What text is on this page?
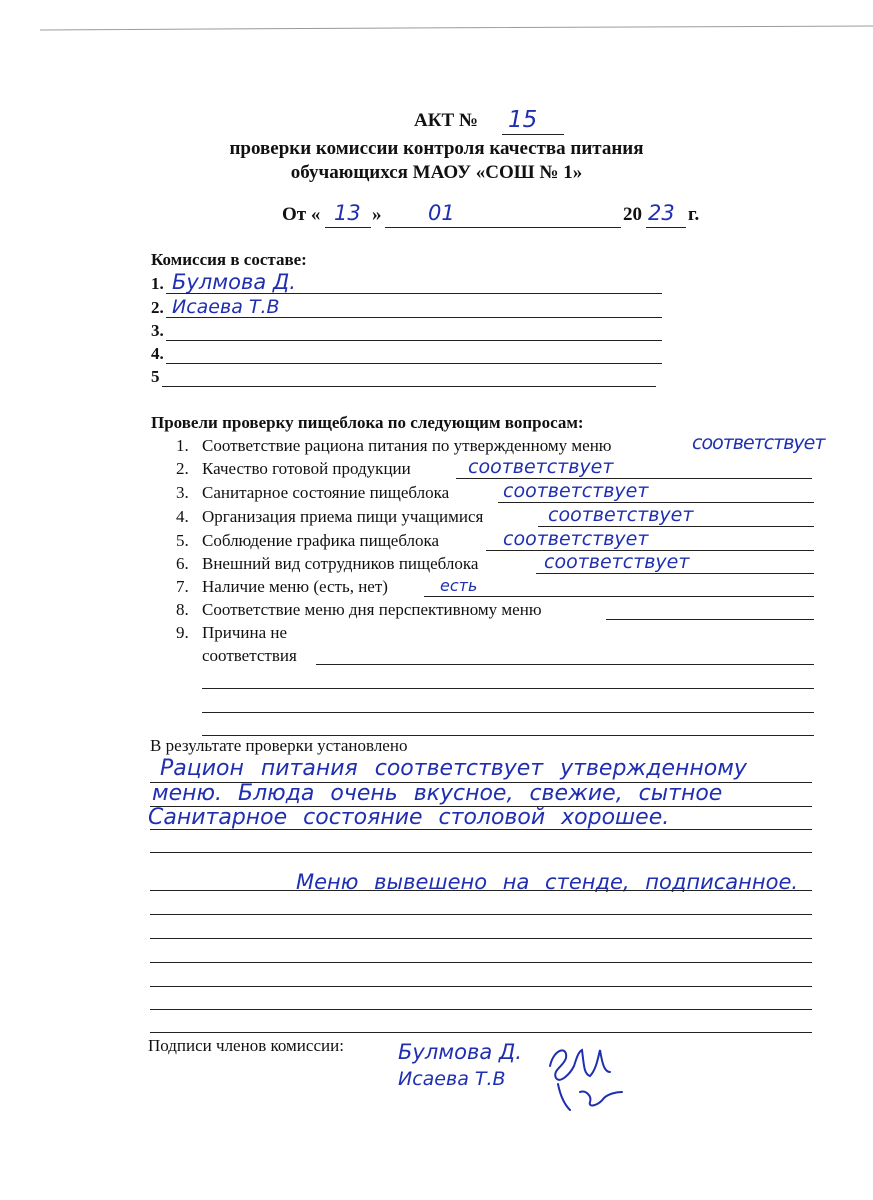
АКТ № 15
проверки комиссии контроля качества питания
обучающихся МАОУ «СОШ № 1»
От « 13 » 01	20 23 г.
Комиссия в составе:
1. Булмова Д.
2. Исаева Т.В
3.
4.
5
Провели проверку пищеблока по следующим вопросам:
1. Соответствие рациона питания по утвержденному меню	соответствует
2. Качество готовой продукции	соответствует
3. Санитарное состояние пищеблока	соответствует
4. Организация приема пищи учащимися	соответствует
5. Соблюдение графика пищеблока	соответствует
6. Внешний вид сотрудников пищеблока	соответствует
7. Наличие меню (есть, нет)	есть
8. Соответствие меню дня перспективному меню
9. Причина не
соответствия
В результате проверки установлено
Рацион питания соответствует утвержденному
меню. Блюда очень вкусное, свежие, сытное
Санитарное состояние столовой хорошее.
Меню вывешено на стенде, подписанное.
Подписи членов комиссии:	Булмова Д.
Исаева Т.В
